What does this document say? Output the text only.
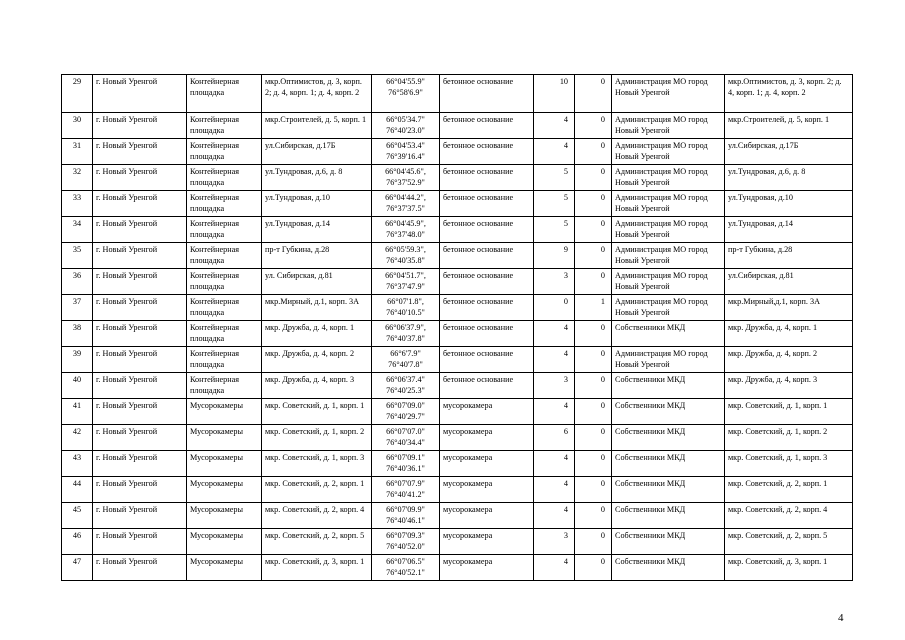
29	г. Новый Уренгой	Контейнерная площадка	мкр.Оптимистов, д. 3, корп. 2; д. 4, корп. 1; д. 4, корп. 2	66°04'55.9" 76°58'6.9"	бетонное основание	10	0	Администрация МО город Новый Уренгой	мкр.Оптимистов, д. 3, корп. 2; д. 4, корп. 1; д. 4, корп. 2
30	г. Новый Уренгой	Контейнерная площадка	мкр.Строителей, д. 5, корп. 1	66°05'34.7" 76°40'23.0"	бетонное основание	4	0	Администрация МО город Новый Уренгой	мкр.Строителей, д. 5, корп. 1
31	г. Новый Уренгой	Контейнерная площадка	ул.Сибирская, д.17Б	66°04'53.4" 76°39'16.4"	бетонное основание	4	0	Администрация МО город Новый Уренгой	ул.Сибирская, д.17Б
32	г. Новый Уренгой	Контейнерная площадка	ул.Тундровая, д.6, д. 8	66°04'45.6", 76°37'52.9"	бетонное основание	5	0	Администрация МО город Новый Уренгой	ул.Тундровая, д.6, д. 8
33	г. Новый Уренгой	Контейнерная площадка	ул.Тундровая, д.10	66°04'44.2", 76°37'37.5"	бетонное основание	5	0	Администрация МО город Новый Уренгой	ул.Тундровая, д.10
34	г. Новый Уренгой	Контейнерная площадка	ул.Тундровая, д.14	66°04'45.9", 76°37'48.0"	бетонное основание	5	0	Администрация МО город Новый Уренгой	ул.Тундровая, д.14
35	г. Новый Уренгой	Контейнерная площадка	пр-т Губкина, д.28	66°05'59.3", 76°40'35.8"	бетонное основание	9	0	Администрация МО город Новый Уренгой	пр-т Губкина, д.28
36	г. Новый Уренгой	Контейнерная площадка	ул. Сибирская, д.81	66°04'51.7", 76°37'47.9"	бетонное основание	3	0	Администрация МО город Новый Уренгой	ул.Сибирская, д.81
37	г. Новый Уренгой	Контейнерная площадка	мкр.Мирный, д.1, корп. 3А	66°07'1.8", 76°40'10.5"	бетонное основание	0	1	Администрация МО город Новый Уренгой	мкр.Мирный,д.1, корп. 3А
38	г. Новый Уренгой	Контейнерная площадка	мкр. Дружба, д. 4, корп. 1	66°06'37.9", 76°40'37.8"	бетонное основание	4	0	Собственники МКД	мкр. Дружба, д. 4, корп. 1
39	г. Новый Уренгой	Контейнерная площадка	мкр. Дружба, д. 4, корп. 2	66°6'7.9" 76°40'7.8"	бетонное основание	4	0	Администрация МО город Новый Уренгой	мкр. Дружба, д. 4, корп. 2
40	г. Новый Уренгой	Контейнерная площадка	мкр. Дружба, д. 4, корп. 3	66°06'37.4" 76°40'25.3"	бетонное основание	3	0	Собственники МКД	мкр. Дружба, д. 4, корп. 3
41	г. Новый Уренгой	Мусорокамеры	мкр. Советский, д. 1, корп. 1	66°07'09.0" 76°40'29.7"	мусорокамера	4	0	Собственники МКД	мкр. Советский, д. 1, корп. 1
42	г. Новый Уренгой	Мусорокамеры	мкр. Советский, д. 1, корп. 2	66°07'07.0" 76°40'34.4"	мусорокамера	6	0	Собственники МКД	мкр. Советский, д. 1, корп. 2
43	г. Новый Уренгой	Мусорокамеры	мкр. Советский, д. 1, корп. 3	66°07'09.1" 76°40'36.1"	мусорокамера	4	0	Собственники МКД	мкр. Советский, д. 1, корп. 3
44	г. Новый Уренгой	Мусорокамеры	мкр. Советский, д. 2, корп. 1	66°07'07.9" 76°40'41.2"	мусорокамера	4	0	Собственники МКД	мкр. Советский, д. 2, корп. 1
45	г. Новый Уренгой	Мусорокамеры	мкр. Советский, д. 2, корп. 4	66°07'09.9" 76°40'46.1"	мусорокамера	4	0	Собственники МКД	мкр. Советский, д. 2, корп. 4
46	г. Новый Уренгой	Мусорокамеры	мкр. Советский, д. 2, корп. 5	66°07'09.3" 76°40'52.0"	мусорокамера	3	0	Собственники МКД	мкр. Советский, д. 2, корп. 5
47	г. Новый Уренгой	Мусорокамеры	мкр. Советский, д. 3, корп. 1	66°07'06.5" 76°40'52.1"	мусорокамера	4	0	Собственники МКД	мкр. Советский, д. 3, корп. 1
4
